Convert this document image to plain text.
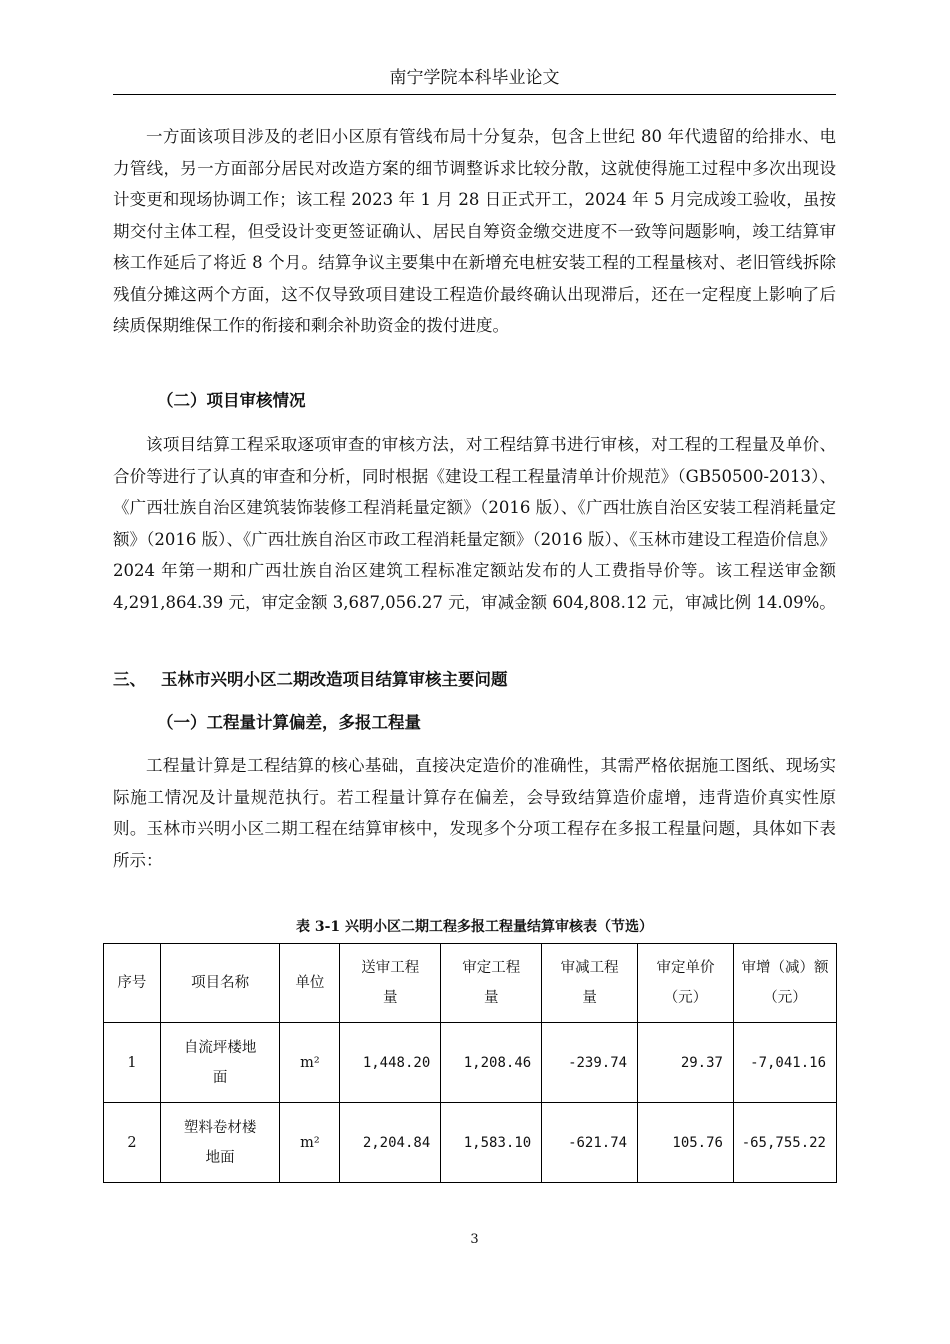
南宁学院本科毕业论文

一方面该项目涉及的老旧小区原有管线布局十分复杂，包含上世纪 80 年代遗留的给排水、电力管线，另一方面部分居民对改造方案的细节调整诉求比较分散，这就使得施工过程中多次出现设计变更和现场协调工作；该工程 2023 年 1 月 28 日正式开工，2024 年 5 月完成竣工验收，虽按期交付主体工程，但受设计变更签证确认、居民自筹资金缴交进度不一致等问题影响，竣工结算审核工作延后了将近 8 个月。结算争议主要集中在新增充电桩安装工程的工程量核对、老旧管线拆除残值分摊这两个方面，这不仅导致项目建设工程造价最终确认出现滞后，还在一定程度上影响了后续质保期维保工作的衔接和剩余补助资金的拨付进度。

（二）项目审核情况

该项目结算工程采取逐项审查的审核方法，对工程结算书进行审核，对工程的工程量及单价、合价等进行了认真的审查和分析，同时根据《建设工程工程量清单计价规范》（GB50500-2013）、《广西壮族自治区建筑装饰装修工程消耗量定额》（2016 版）、《广西壮族自治区安装工程消耗量定额》（2016 版）、《广西壮族自治区市政工程消耗量定额》（2016 版）、《玉林市建设工程造价信息》2024 年第一期和广西壮族自治区建筑工程标准定额站发布的人工费指导价等。该工程送审金额 4,291,864.39 元，审定金额 3,687,056.27 元，审减金额 604,808.12 元，审减比例 14.09%。

三、 玉林市兴明小区二期改造项目结算审核主要问题

（一）工程量计算偏差，多报工程量

工程量计算是工程结算的核心基础，直接决定造价的准确性，其需严格依据施工图纸、现场实际施工情况及计量规范执行。若工程量计算存在偏差，会导致结算造价虚增，违背造价真实性原则。玉林市兴明小区二期工程在结算审核中，发现多个分项工程存在多报工程量问题，具体如下表所示：

表 3-1 兴明小区二期工程多报工程量结算审核表（节选）
序号	项目名称	单位	送审工程
量	审定工程
量	审减工程
量	审定单价
（元）	审增（减）额
（元）
1	自流坪楼地
面	m²	1,448.20	1,208.46	-239.74	29.37	-7,041.16
2	塑料卷材楼
地面	m²	2,204.84	1,583.10	-621.74	105.76	-65,755.22
3
